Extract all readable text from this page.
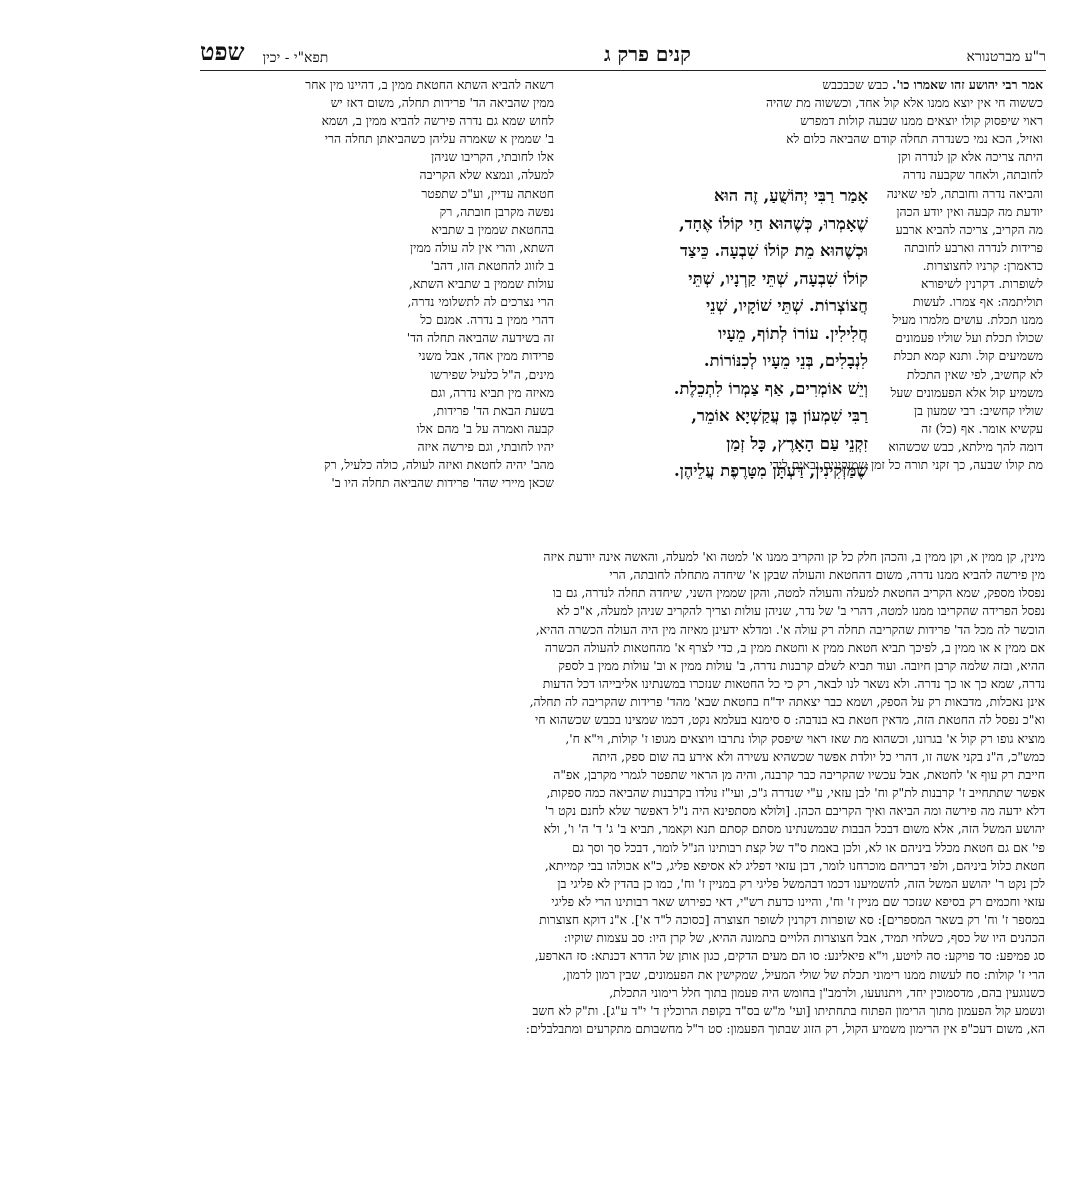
ר"ע מברטנורא
קנים פרק ג
תפא"י - יכין
שפט
אמר רבי יהושע זהו שאמרו כו'. כבש שכבכבש
כששוה חי אין יוצא ממנו אלא קול אחד, וכששוה מת שהיה
ראוי שיפסוק קולו יוצאים ממנו שבעה קולות דמפרש
ואזיל, הכא נמי כשנדרה תחלה קודם שהביאה כלום לא
היתה צריכה אלא קן לנדרה וקן
לחובתה, ולאחר שקבעה נדרה
והביאה נדרה וחובתה, לפי שאינה
יודעת מה קבעה ואין יודע הכהן
מה הקריב, צריכה להביא ארבע
פרידות לנדרה וארבע לחובתה
כדאמרן: קרניו לחצוצרות.
לשופרות. דקרנין לשיפורא
תוליתמה: אף צמרו. לעשות
ממנו תכלת. עושים מלמרו מעיל
שכולו תכלת ועל שוליו פעמונים
משמיעים קול. ותנא קמא תכלת
לא קחשיב, לפי שאין התכלת
משמיע קול אלא הפעמונים שעל
שוליו קחשיב: רבי שמעון בן
עקשיא אומר. אף (כל) זה
דומה להך מילתא, כבש שכשהוא
מת קולו שבעה, כך זקני תורה כל זמן שמזקינים ובאים לידי
רשאה להביא השתא החטאת ממין ב, דהיינו מין אחר
ממין שהביאה הד' פרידות תחלה, משום דאז יש
לחוש שמא גם נדרה פירשה להביא ממין ב, ושמא
ב' שממין א שאמרה עליהן כשהביאתן תחלה הרי
אלו לחובתי, הקריבו שניהן
למעלה, ונמצא שלא הקריבה
חטאתה עדיין, וע"כ שתפטר
נפשה מקרבן חובתה, רק
בהחטאת שממין ב שתביא
השתא, והרי אין לה עולה ממין
ב לזווג להחטאת הזו, דהב'
עולות שממין ב שתביא השתא,
הרי נצרכים לה לתשלומי נדרה,
דהרי ממין ב נדרה. אמנם כל
זה בשידעה שהביאה תחלה הד'
פרידות ממין אחד, אבל משני
מינים, ה"ל כלעיל שפירשו
מאיזה מין תביא נדרה, וגם
בשעת הבאת הד' פרידות,
קבעה ואמרה על ב' מהם אלו
יהיו לחובתי, וגם פירשה איזה
מהב' יהיה לחטאת ואיזה לעולה, כולה כלעיל, רק
שכאן מיירי שהד' פרידות שהביאה תחלה היו ב'
אָמַר רַבִּי יְהוֹשֻׁעַ, זֶה הוּא
שֶׁאָמְרוּ, כְּשֶׁהוּא חַי קוֹלוֹ אֶחָד,
וּכְשֶׁהוּא מֵת קוֹלוֹ שִׁבְעָה. כֵּיצַד
קוֹלוֹ שִׁבְעָה, שְׁתֵּי קַרְנָיו, שְׁתֵּי
חֲצוֹצְרוֹת. שְׁתֵּי שׁוֹקָיו, שְׁנֵי
חֲלִילִין. עוֹרוֹ לְתוֹף, מֵעָיו
לִנְבָלִים, בְּנֵי מֵעָיו לְכִנּוֹרוֹת.
וְיֵשׁ אוֹמְרִים, אַף צַמְרוֹ לִתְכֵלֶת.
רַבִּי שִׁמְעוֹן בֶּן עֲקַשְׁיָא אוֹמֵר,
זִקְנֵי עַם הָאָרֶץ, כָּל זְמַן
שֶׁמַּזְקִינִין, דַּעְתָּן מִטָּרֶפֶת עֲלֵיהֶן.
מינין, קן ממין א, וקן ממין ב, והכהן חלק כל קן והקריב ממנו א' למטה וא' למעלה, והאשה אינה יודעת איזה
מין פירשה להביא ממנו נדרה, משום דהחטאת והעולה שבקן א' שיחדה מתחלה לחובתה, הרי
נפסלו מספק, שמא הקריב החטאת למעלה והעולה למטה, והקן שממין השני, שיחדה תחלה לנדרה, גם בו
נפסל הפרידה שהקריבו ממנו למטה, דהרי ב' של נדר, שניהן עולות וצריך להקריב שניהן למעלה, א"כ לא
הוכשר לה מכל הד' פרידות שהקריבה תחלה רק עולה א'. ומדלא ידעינן מאיזה מין היה העולה הכשרה ההיא,
אם ממין א או ממין ב, לפיכך תביא חטאת ממין א וחטאת ממין ב, כדי לצרף א' מהחטאות להעולה הכשרה
ההיא, ובזה שלמה קרבן חיובה. ועוד תביא לשלם קרבנות נדרה, ב' עולות ממין א וב' עולות ממין ב לספק
נדרה, שמא כך או כך נדרה. ולא נשאר לנו לבאר, רק כי כל החטאות שנזכרו במשנתינו אליבייהו דכל הדעות
אינן נאכלות, מדבאות רק על הספק, ושמא כבר יצאתה יד"ח בחטאת שבא' מהד' פרידות שהקריבה לה תחלה,
וא"כ נפסל לה החטאת הזה, מדאין חטאת בא בנדבה: ס סימנא בעלמא נקט, דכמו שמצינו בכבש שכשהוא חי
מוציא גופו רק קול א' בגרונו, וכשהוא מת שאז ראוי שיפסק קולו נתרבו ויוצאים מגופו ז' קולות, וי"א ח',
כמש"כ, ה"נ בקני אשה זו, דהרי כל יולדת אפשר שכשהיא עשירה ולא אירע בה שום ספק, היתה
חייבת רק עוף א' לחטאת, אבל עכשיו שהקריבה כבר קרבנה, והיה מן הראוי שתפטר לגמרי מקרבן, אפ"ה
אפשר שתתחייב ז' קרבנות לת"ק וח' לבן עזאי, ע"י שנדרה ג"כ, ועי"ז נולדו בקרבנות שהביאה כמה ספקות,
דלא ידעה מה פירשה ומה הביאה ואיך הקריבם הכהן. [ולולא מסתפינא היה נ"ל דאפשר שלא לחנם נקט ר'
יהושע המשל הזה, אלא משום דבכל הבבות שבמשנתינו מסתם קסתם תנא וקאמר, תביא ב' ג' ד' ה' ו', ולא
פי' אם גם חטאת מכלל ביניהם או לא, ולכן באמת ס"ד של קצת רבותינו הנ"ל לומר, דבכל סך וסך גם
חטאת כלול ביניהם, ולפי דבריהם מוכרחנו לומר, דבן עזאי דפליג לא אסיפא פליג, כ"א אכולהו בבי קמייתא,
לכן נקט ר' יהושע המשל הזה, להשמיענו דכמו דבהמשל פליגי רק במניין ז' וח', כמו כן בהדין לא פליגי בן
עזאי וחכמים רק בסיפא שנזכר שם מניין ז' וח', והיינו כדעת רש"י, דאי כפירוש שאר רבותינו הרי לא פליגי
במספר ז' וח' רק בשאר המספרים]: סא שופרות דקרנין לשופר חצוצרה [כסוכה ל"ד א']. א"נ דוקא חצוצרות
הכהנים היו של כסף, כשלחי תמיד, אבל חצוצרות הלויים בתמונה ההיא, של קרן היו: סב עצמות שוקיו:
סג פמיפע: סד פויקע: סה לויטע, וי"א פיאלינע: סו הם מעים הדקים, כגון אותן של הדרא דכנתא: סז הארפע,
הרי ז' קולות: סח לעשות ממנו רימוני תכלת של שולי המעיל, שמקישין את הפעמונים, שבין רמון לרמון,
כשנוגעין בהם, מדסמוכין יחד, ויתנועעו, ולרמב"ן בחומש היה פעמון בתוך חלל רימוני התכלת,
ונשמע קול הפעמון מתוך הרימון הפתוח בתחתיתו [ועי' מ"ש בס"ד בקופת הרוכלין ד' י"ד ע"ג]. ות"ק לא חשב
הא, משום דעכ"פ אין הרימון משמיע הקול, רק הזוג שבתוך הפעמון: סט ר"ל מחשבותם מתקרעים ומתבלבלים:
